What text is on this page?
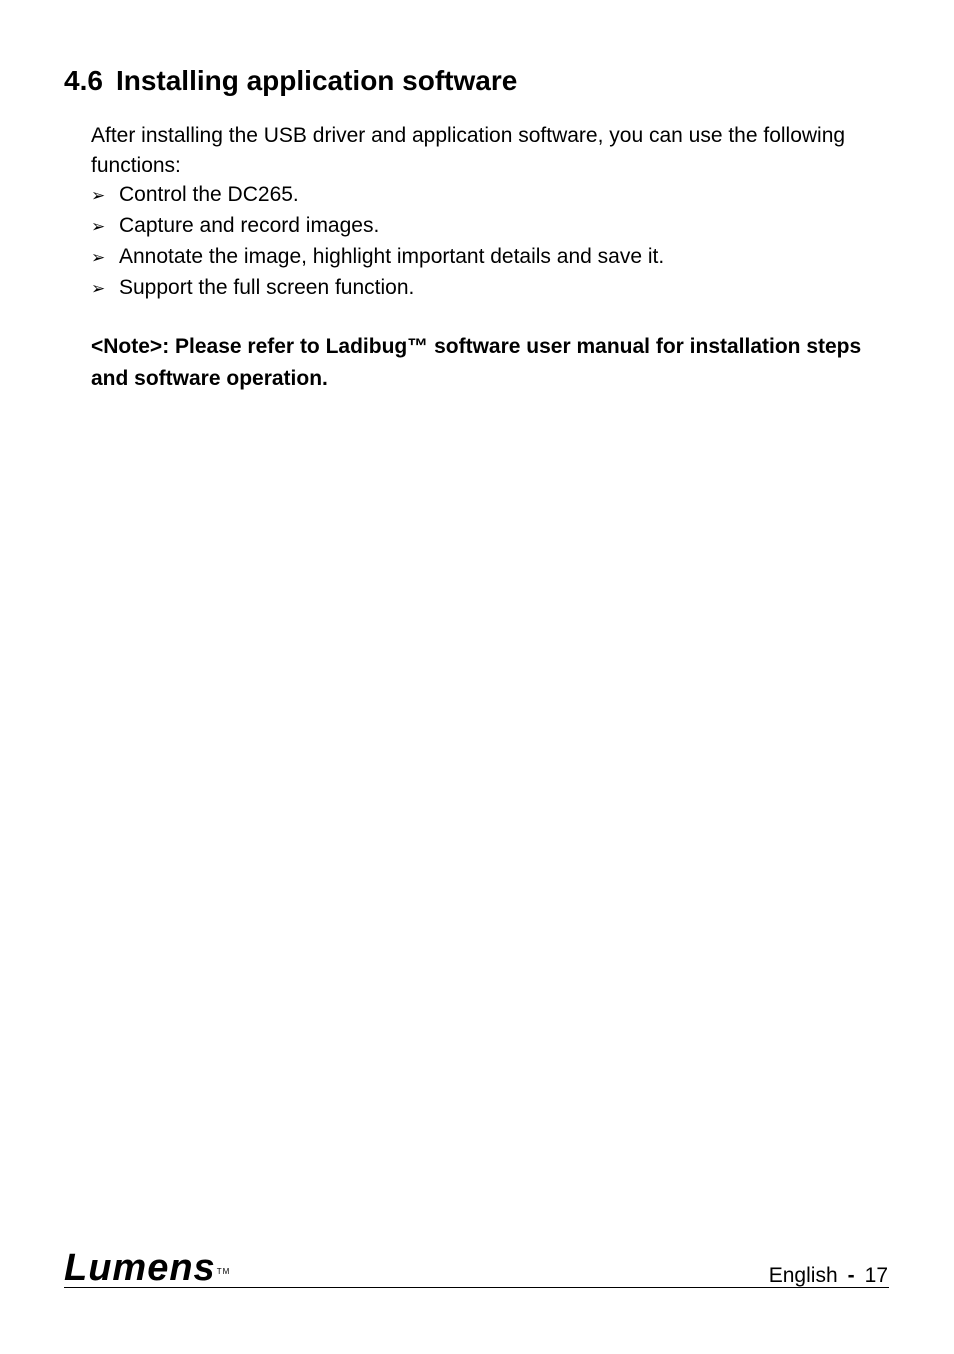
4.6 Installing application software
After installing the USB driver and application software, you can use the following functions:
➢ Control the DC265.
➢ Capture and record images.
➢ Annotate the image, highlight important details and save it.
➢ Support the full screen function.
<Note>: Please refer to Ladibug™ software user manual for installation steps and software operation.
Lumens™	English - 17
